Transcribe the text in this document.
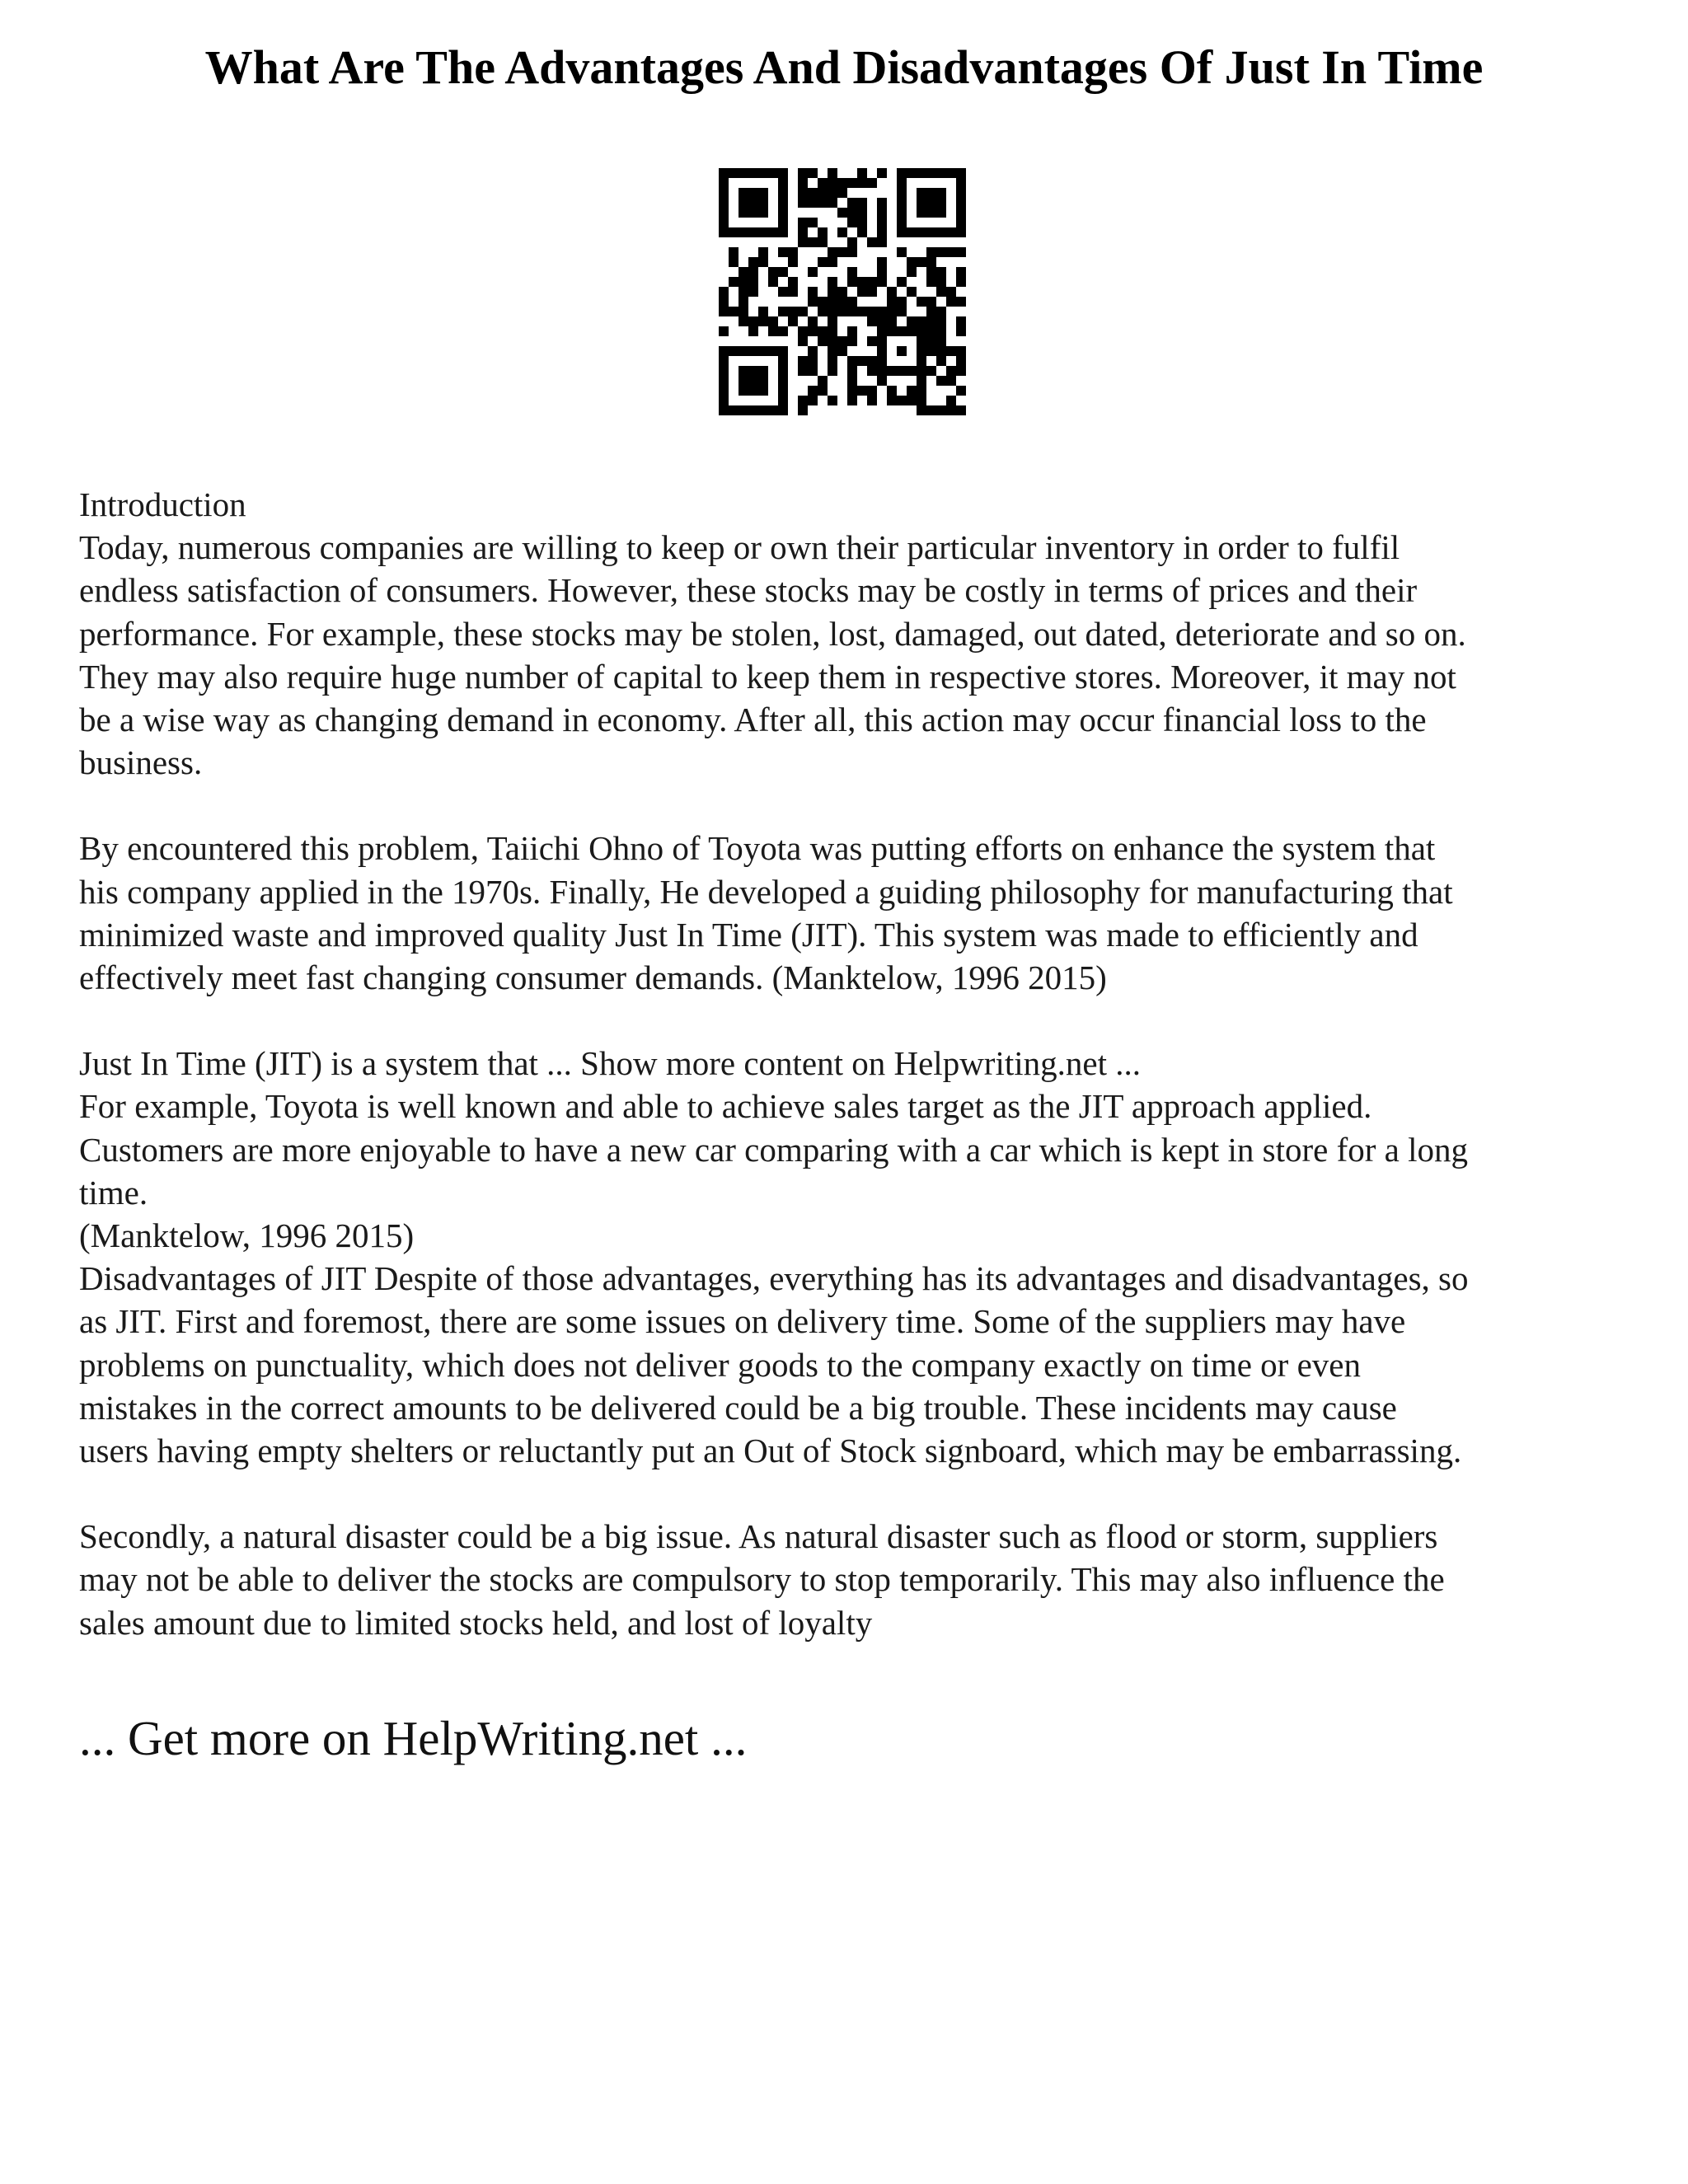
What Are The Advantages And Disadvantages Of Just In Time

Introduction

Today, numerous companies are willing to keep or own their particular inventory in order to fulfil
endless satisfaction of consumers. However, these stocks may be costly in terms of prices and their
performance. For example, these stocks may be stolen, lost, damaged, out dated, deteriorate and so on.
They may also require huge number of capital to keep them in respective stores. Moreover, it may not
be a wise way as changing demand in economy. After all, this action may occur financial loss to the
business.

By encountered this problem, Taiichi Ohno of Toyota was putting efforts on enhance the system that
his company applied in the 1970s. Finally, He developed a guiding philosophy for manufacturing that
minimized waste and improved quality Just In Time (JIT). This system was made to efficiently and
effectively meet fast changing consumer demands. (Manktelow, 1996 2015)

Just In Time (JIT) is a system that ... Show more content on Helpwriting.net ...

For example, Toyota is well known and able to achieve sales target as the JIT approach applied.
Customers are more enjoyable to have a new car comparing with a car which is kept in store for a long
time.

(Manktelow, 1996 2015)

Disadvantages of JIT Despite of those advantages, everything has its advantages and disadvantages, so
as JIT. First and foremost, there are some issues on delivery time. Some of the suppliers may have
problems on punctuality, which does not deliver goods to the company exactly on time or even
mistakes in the correct amounts to be delivered could be a big trouble. These incidents may cause
users having empty shelters or reluctantly put an Out of Stock signboard, which may be embarrassing.

Secondly, a natural disaster could be a big issue. As natural disaster such as flood or storm, suppliers
may not be able to deliver the stocks are compulsory to stop temporarily. This may also influence the
sales amount due to limited stocks held, and lost of loyalty

... Get more on HelpWriting.net ...
